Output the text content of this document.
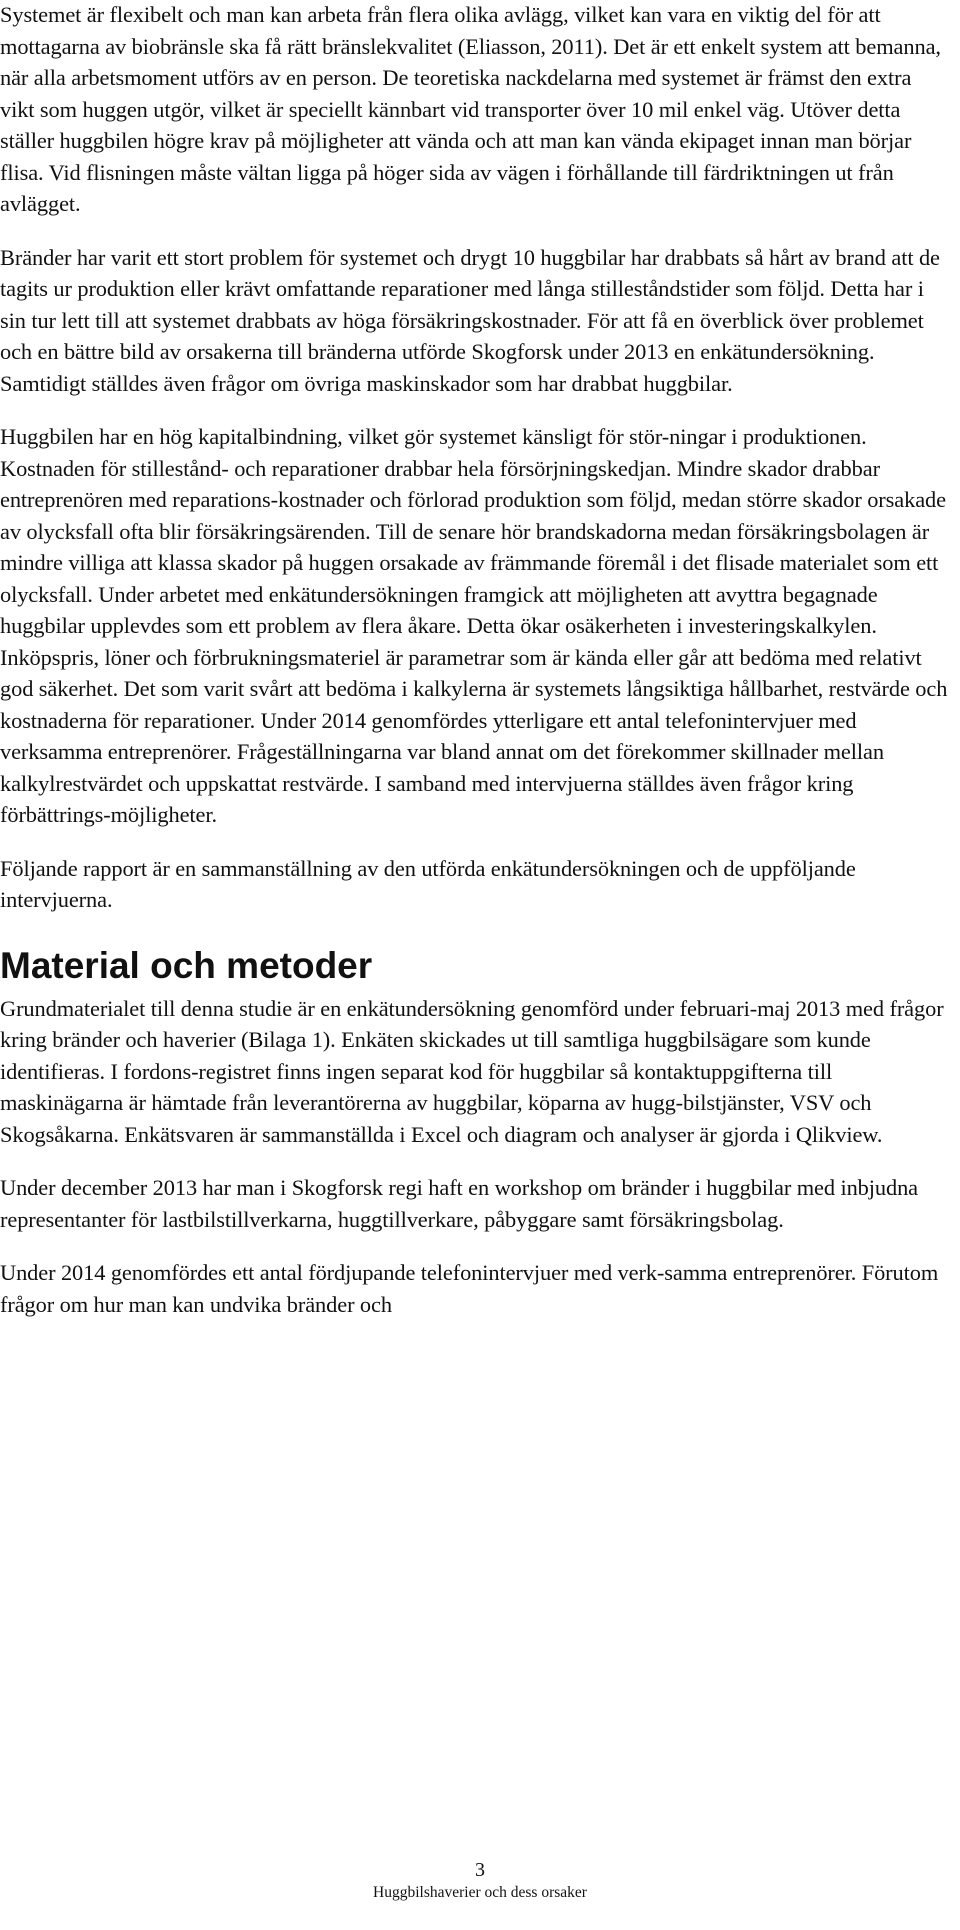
Systemet är flexibelt och man kan arbeta från flera olika avlägg, vilket kan vara en viktig del för att mottagarna av biobränsle ska få rätt bränslekvalitet (Eliasson, 2011). Det är ett enkelt system att bemanna, när alla arbetsmoment utförs av en person. De teoretiska nackdelarna med systemet är främst den extra vikt som huggen utgör, vilket är speciellt kännbart vid transporter över 10 mil enkel väg. Utöver detta ställer huggbilen högre krav på möjligheter att vända och att man kan vända ekipaget innan man börjar flisa. Vid flisningen måste vältan ligga på höger sida av vägen i förhållande till färdriktningen ut från avlägget.

Bränder har varit ett stort problem för systemet och drygt 10 huggbilar har drabbats så hårt av brand att de tagits ur produktion eller krävt omfattande reparationer med långa stilleståndstider som följd. Detta har i sin tur lett till att systemet drabbats av höga försäkringskostnader. För att få en överblick över problemet och en bättre bild av orsakerna till bränderna utförde Skogforsk under 2013 en enkätundersökning. Samtidigt ställdes även frågor om övriga maskinskador som har drabbat huggbilar.

Huggbilen har en hög kapitalbindning, vilket gör systemet känsligt för stör-ningar i produktionen. Kostnaden för stillestånd- och reparationer drabbar hela försörjningskedjan. Mindre skador drabbar entreprenören med reparations-kostnader och förlorad produktion som följd, medan större skador orsakade av olycksfall ofta blir försäkringsärenden. Till de senare hör brandskadorna medan försäkringsbolagen är mindre villiga att klassa skador på huggen orsakade av främmande föremål i det flisade materialet som ett olycksfall. Under arbetet med enkätundersökningen framgick att möjligheten att avyttra begagnade huggbilar upplevdes som ett problem av flera åkare. Detta ökar osäkerheten i investeringskalkylen. Inköpspris, löner och förbrukningsmateriel är parametrar som är kända eller går att bedöma med relativt god säkerhet. Det som varit svårt att bedöma i kalkylerna är systemets långsiktiga hållbarhet, restvärde och kostnaderna för reparationer. Under 2014 genomfördes ytterligare ett antal telefonintervjuer med verksamma entreprenörer. Frågeställningarna var bland annat om det förekommer skillnader mellan kalkylrestvärdet och uppskattat restvärde. I samband med intervjuerna ställdes även frågor kring förbättrings-möjligheter.

Följande rapport är en sammanställning av den utförda enkätundersökningen och de uppföljande intervjuerna.

Material och metoder

Grundmaterialet till denna studie är en enkätundersökning genomförd under februari-maj 2013 med frågor kring bränder och haverier (Bilaga 1). Enkäten skickades ut till samtliga huggbilsägare som kunde identifieras. I fordons-registret finns ingen separat kod för huggbilar så kontaktuppgifterna till maskinägarna är hämtade från leverantörerna av huggbilar, köparna av hugg-bilstjänster, VSV och Skogsåkarna. Enkätsvaren är sammanställda i Excel och diagram och analyser är gjorda i Qlikview.

Under december 2013 har man i Skogforsk regi haft en workshop om bränder i huggbilar med inbjudna representanter för lastbilstillverkarna, huggtillverkare, påbyggare samt försäkringsbolag.

Under 2014 genomfördes ett antal fördjupande telefonintervjuer med verk-samma entreprenörer. Förutom frågor om hur man kan undvika bränder och

3
Huggbilshaverier och dess orsaker
